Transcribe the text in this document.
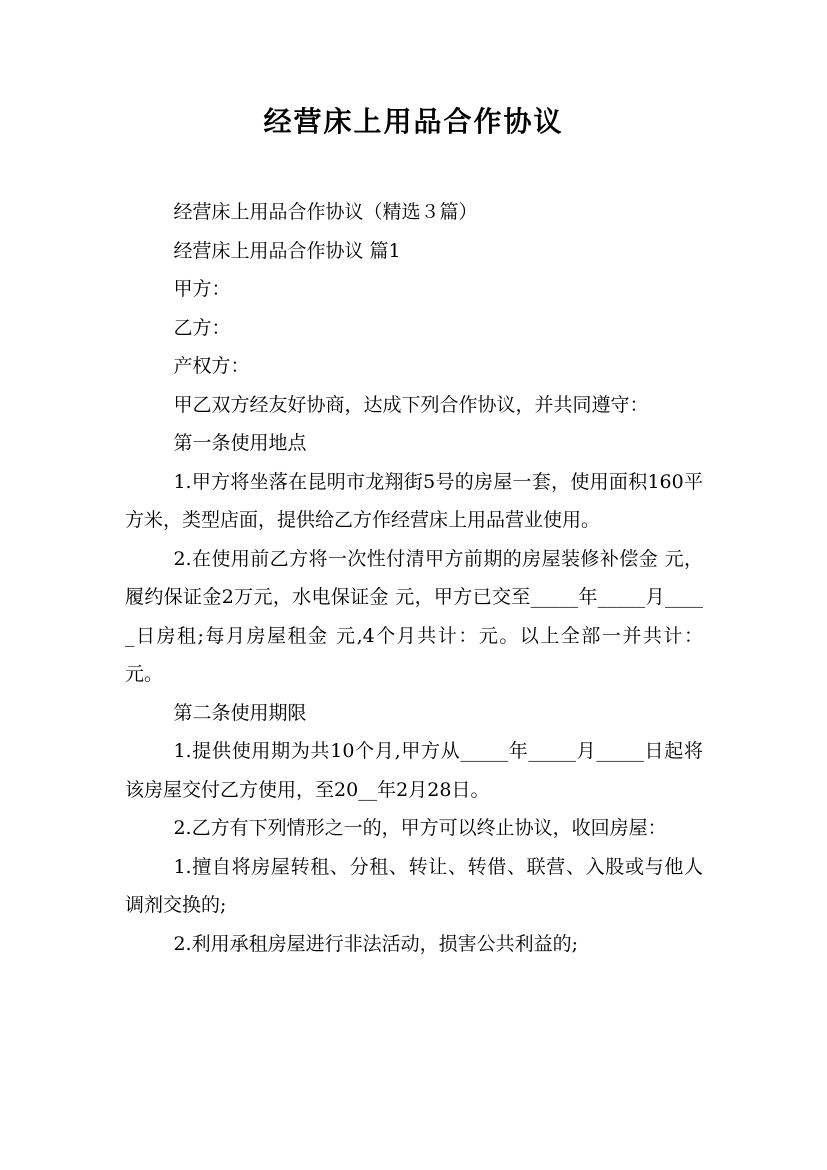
经营床上用品合作协议

经营床上用品合作协议（精选３篇）

经营床上用品合作协议 篇1

甲方：

乙方：

产权方：

甲乙双方经友好协商，达成下列合作协议，并共同遵守：

第一条使用地点

1.甲方将坐落在昆明市龙翔街5号的房屋一套，使用面积160平方米，类型店面，提供给乙方作经营床上用品营业使用。

2.在使用前乙方将一次性付清甲方前期的房屋装修补偿金 元，履约保证金2万元，水电保证金 元，甲方已交至_____年_____月_____日房租;每月房屋租金 元,4个月共计：元。以上全部一并共计： 元。

第二条使用期限

1.提供使用期为共10个月,甲方从_____年_____月_____日起将该房屋交付乙方使用，至20__年2月28日。

2.乙方有下列情形之一的，甲方可以终止协议，收回房屋：

1.擅自将房屋转租、分租、转让、转借、联营、入股或与他人调剂交换的;

2.利用承租房屋进行非法活动，损害公共利益的;
